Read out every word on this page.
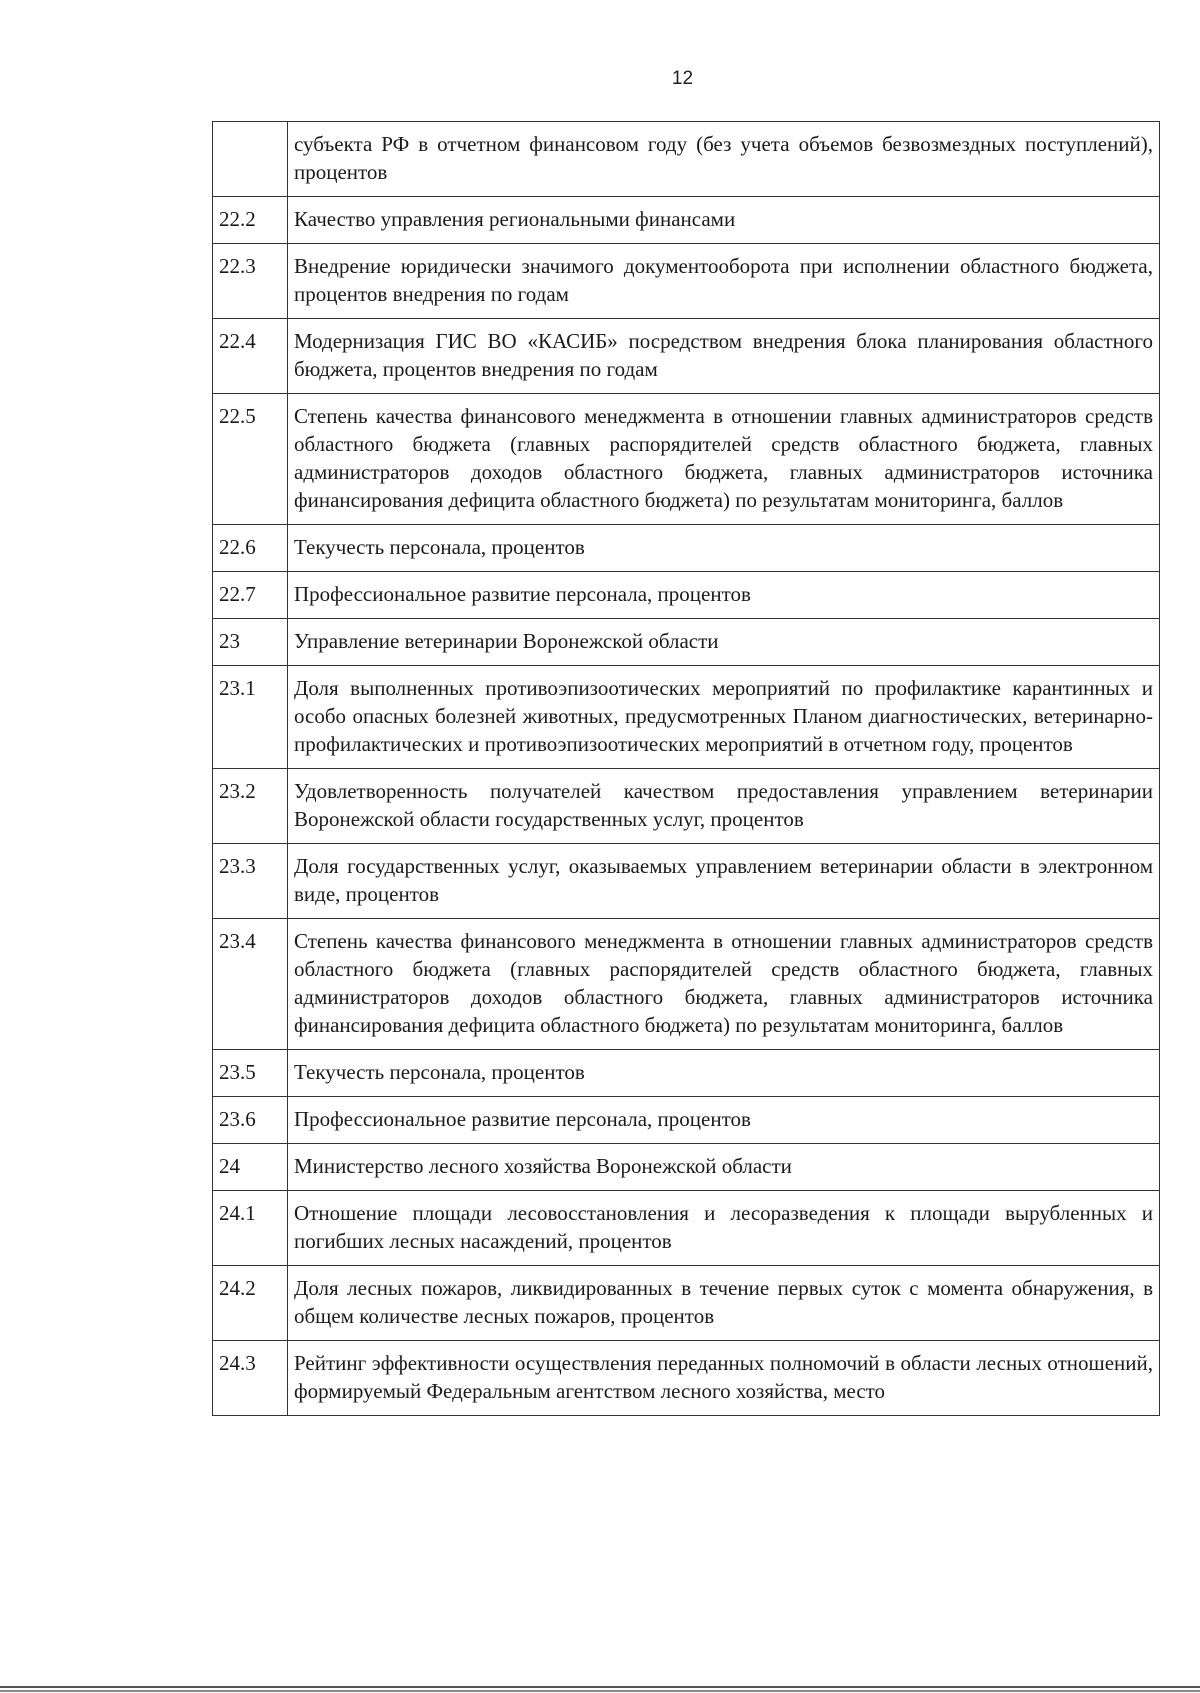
12
	субъекта РФ в отчетном финансовом году (без учета объемов безвозмездных поступлений), процентов
22.2	Качество управления региональными финансами
22.3	Внедрение юридически значимого документооборота при исполнении областного бюджета, процентов внедрения по годам
22.4	Модернизация ГИС ВО «КАСИБ» посредством внедрения блока планирования областного бюджета, процентов внедрения по годам
22.5	Степень качества финансового менеджмента в отношении главных администраторов средств областного бюджета (главных распорядителей средств областного бюджета, главных администраторов доходов областного бюджета, главных администраторов источника финансирования дефицита областного бюджета) по результатам мониторинга, баллов
22.6	Текучесть персонала, процентов
22.7	Профессиональное развитие персонала, процентов
23	Управление ветеринарии Воронежской области
23.1	Доля выполненных противоэпизоотических мероприятий по профилактике карантинных и особо опасных болезней животных, предусмотренных Планом диагностических, ветеринарно-профилактических и противоэпизоотических мероприятий в отчетном году, процентов
23.2	Удовлетворенность получателей качеством предоставления управлением ветеринарии Воронежской области государственных услуг, процентов
23.3	Доля государственных услуг, оказываемых управлением ветеринарии области в электронном виде, процентов
23.4	Степень качества финансового менеджмента в отношении главных администраторов средств областного бюджета (главных распорядителей средств областного бюджета, главных администраторов доходов областного бюджета, главных администраторов источника финансирования дефицита областного бюджета) по результатам мониторинга, баллов
23.5	Текучесть персонала, процентов
23.6	Профессиональное развитие персонала, процентов
24	Министерство лесного хозяйства Воронежской области
24.1	Отношение площади лесовосстановления и лесоразведения к площади вырубленных и погибших лесных насаждений, процентов
24.2	Доля лесных пожаров, ликвидированных в течение первых суток с момента обнаружения, в общем количестве лесных пожаров, процентов
24.3	Рейтинг эффективности осуществления переданных полномочий в области лесных отношений, формируемый Федеральным агентством лесного хозяйства, место
